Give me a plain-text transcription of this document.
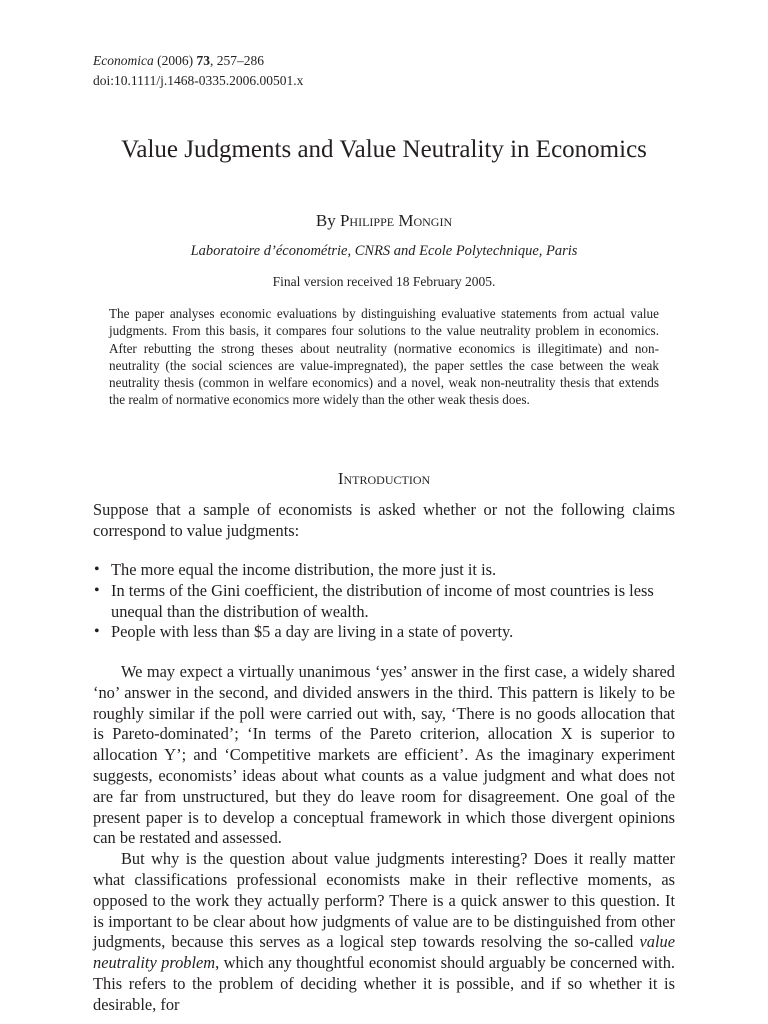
Economica (2006) 73, 257–286
doi:10.1111/j.1468-0335.2006.00501.x
Value Judgments and Value Neutrality in Economics
By Philippe Mongin
Laboratoire d’économétrie, CNRS and Ecole Polytechnique, Paris
Final version received 18 February 2005.

The paper analyses economic evaluations by distinguishing evaluative statements from actual value judgments. From this basis, it compares four solutions to the value neutrality problem in economics. After rebutting the strong theses about neutrality (normative economics is illegitimate) and non-neutrality (the social sciences are value-impregnated), the paper settles the case between the weak neutrality thesis (common in welfare economics) and a novel, weak non-neutrality thesis that extends the realm of normative economics more widely than the other weak thesis does.

Introduction

Suppose that a sample of economists is asked whether or not the following claims correspond to value judgments:

• The more equal the income distribution, the more just it is.
• In terms of the Gini coefficient, the distribution of income of most countries is less unequal than the distribution of wealth.
• People with less than $5 a day are living in a state of poverty.

We may expect a virtually unanimous ‘yes’ answer in the first case, a widely shared ‘no’ answer in the second, and divided answers in the third. This pattern is likely to be roughly similar if the poll were carried out with, say, ‘There is no goods allocation that is Pareto-dominated’; ‘In terms of the Pareto criterion, allocation X is superior to allocation Y’; and ‘Competitive markets are efficient’. As the imaginary experiment suggests, economists’ ideas about what counts as a value judgment and what does not are far from unstructured, but they do leave room for disagreement. One goal of the present paper is to develop a conceptual framework in which those divergent opinions can be restated and assessed.

But why is the question about value judgments interesting? Does it really matter what classifications professional economists make in their reflective moments, as opposed to the work they actually perform? There is a quick answer to this question. It is important to be clear about how judgments of value are to be distinguished from other judgments, because this serves as a logical step towards resolving the so-called value neutrality problem, which any thoughtful economist should arguably be concerned with. This refers to the problem of deciding whether it is possible, and if so whether it is desirable, for
